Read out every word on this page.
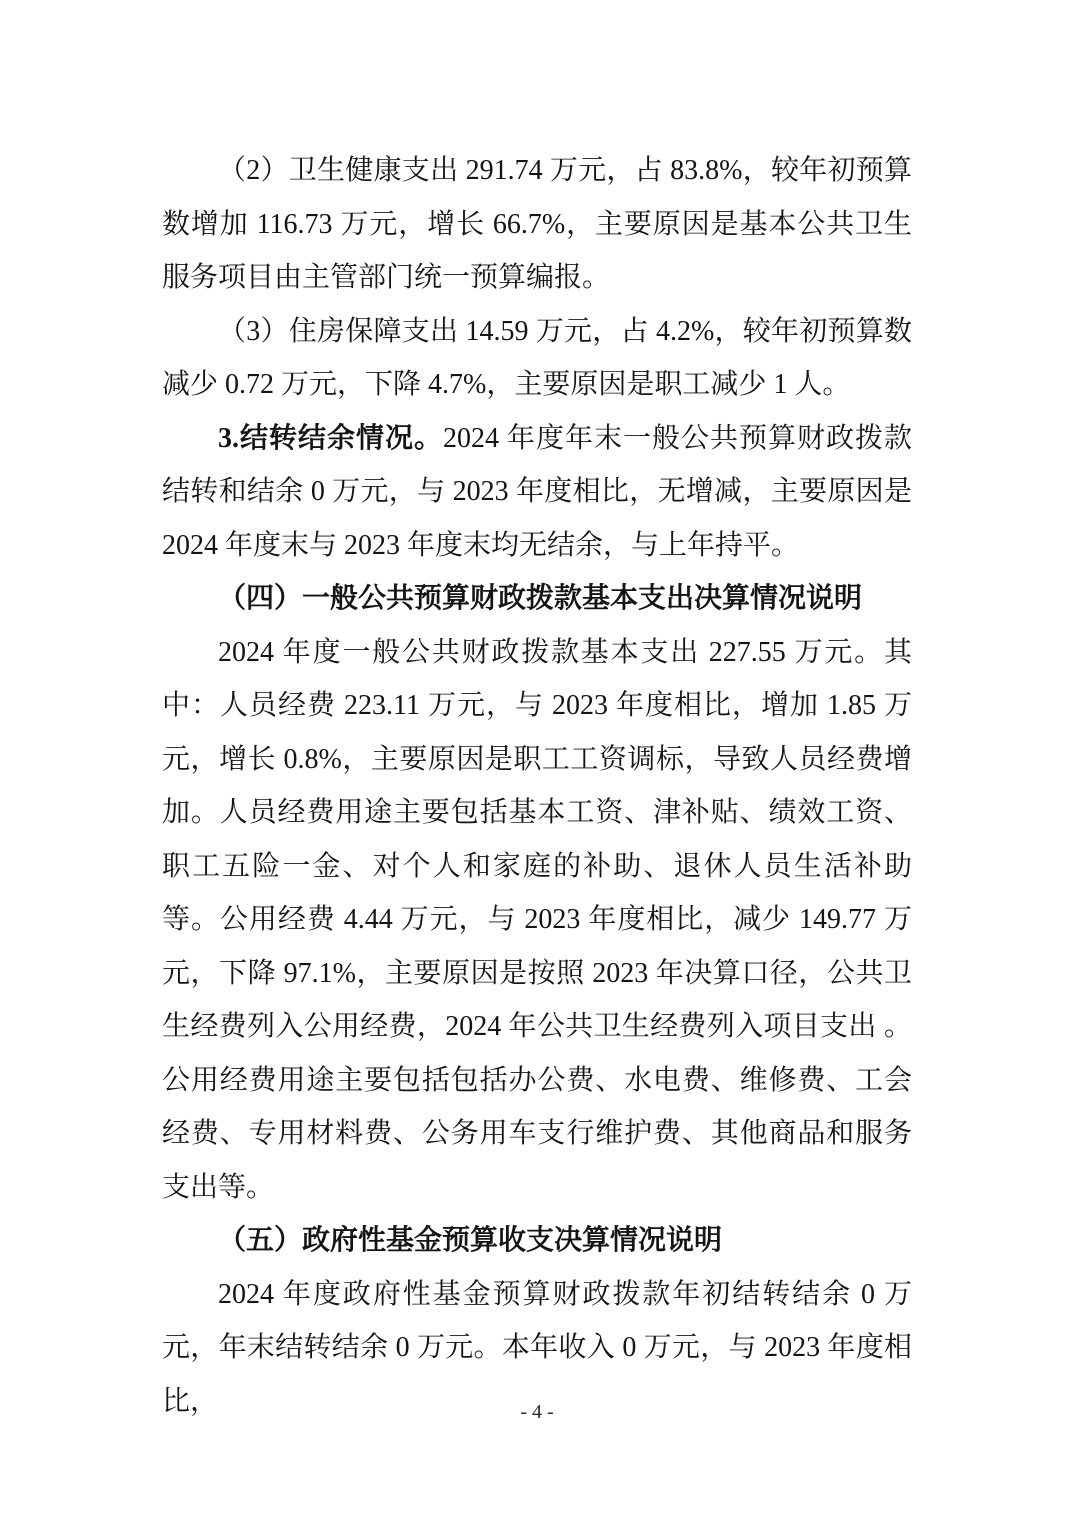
（2）卫生健康支出 291.74 万元，占 83.8%，较年初预算数增加 116.73 万元，增长 66.7%，主要原因是基本公共卫生服务项目由主管部门统一预算编报。

（3）住房保障支出 14.59 万元，占 4.2%，较年初预算数减少 0.72 万元，下降 4.7%，主要原因是职工减少 1 人。

3.结转结余情况。2024 年度年末一般公共预算财政拨款结转和结余 0 万元，与 2023 年度相比，无增减，主要原因是 2024 年度末与 2023 年度末均无结余，与上年持平。

（四）一般公共预算财政拨款基本支出决算情况说明

2024 年度一般公共财政拨款基本支出 227.55 万元。其中：人员经费 223.11 万元，与 2023 年度相比，增加 1.85 万元，增长 0.8%，主要原因是职工工资调标，导致人员经费增加。人员经费用途主要包括基本工资、津补贴、绩效工资、职工五险一金、对个人和家庭的补助、退休人员生活补助等。公用经费 4.44 万元，与 2023 年度相比，减少 149.77 万元，下降 97.1%，主要原因是按照 2023 年决算口径，公共卫生经费列入公用经费，2024 年公共卫生经费列入项目支出 。公用经费用途主要包括包括办公费、水电费、维修费、工会经费、专用材料费、公务用车支行维护费、其他商品和服务支出等。

（五）政府性基金预算收支决算情况说明

2024 年度政府性基金预算财政拨款年初结转结余 0 万元，年末结转结余 0 万元。本年收入 0 万元，与 2023 年度相比，	- 4 -
